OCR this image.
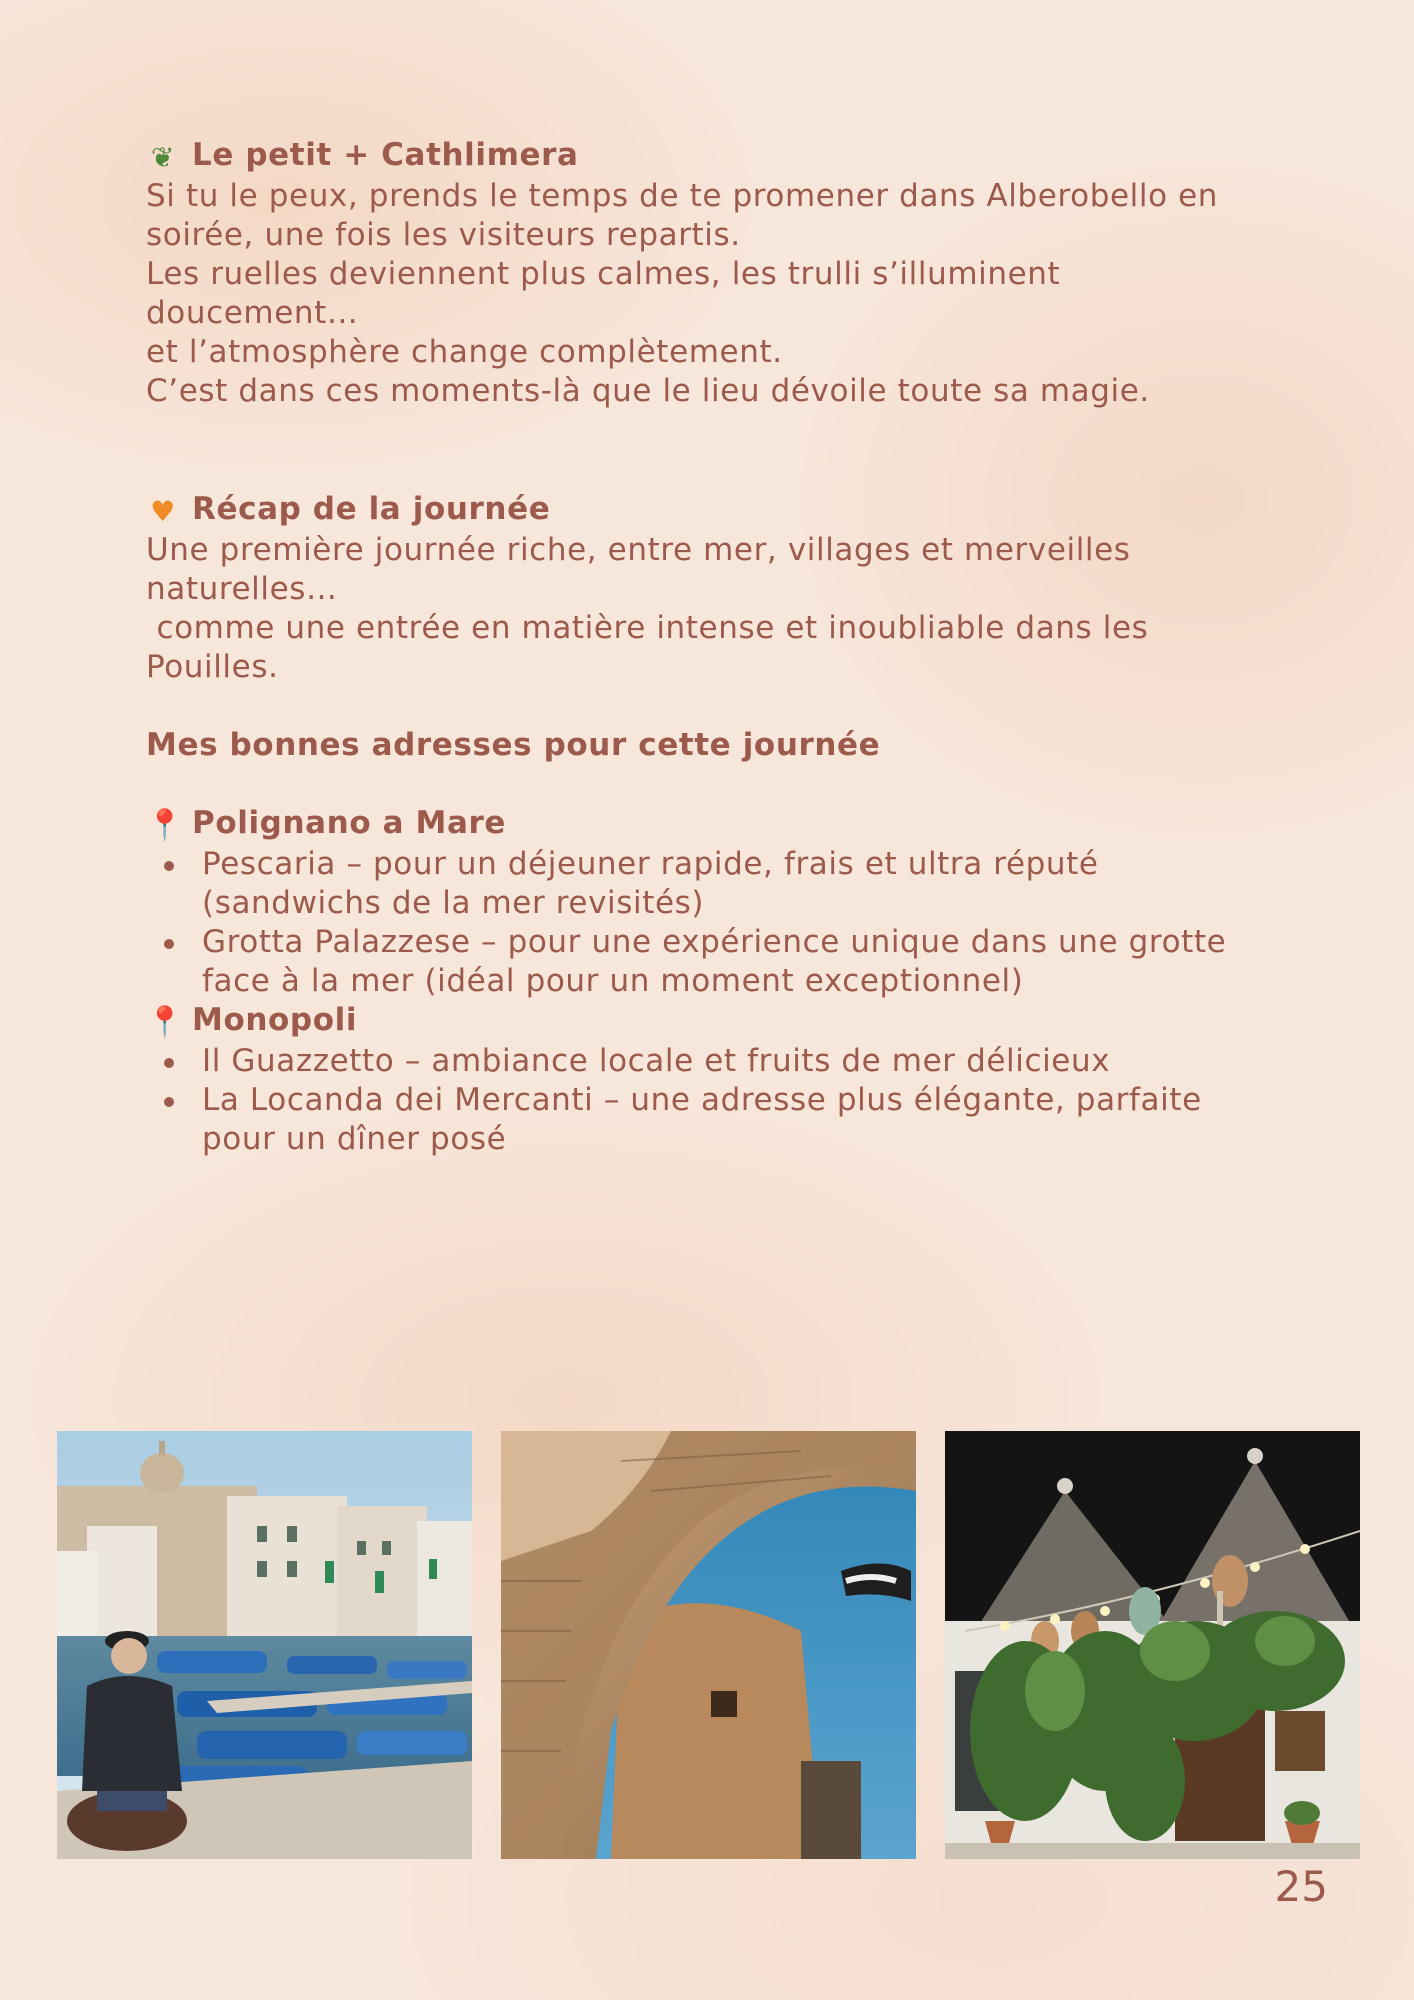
❦ Le petit + Cathlimera
Si tu le peux, prends le temps de te promener dans Alberobello en
soirée, une fois les visiteurs repartis.
Les ruelles deviennent plus calmes, les trulli s’illuminent
doucement…
et l’atmosphère change complètement.
C’est dans ces moments-là que le lieu dévoile toute sa magie.
♥ Récap de la journée
Une première journée riche, entre mer, villages et merveilles
naturelles…
comme une entrée en matière intense et inoubliable dans les
Pouilles.
Mes bonnes adresses pour cette journée
📍 Polignano a Mare
Pescaria – pour un déjeuner rapide, frais et ultra réputé
(sandwichs de la mer revisités)
Grotta Palazzese – pour une expérience unique dans une grotte
face à la mer (idéal pour un moment exceptionnel)
📍 Monopoli
Il Guazzetto – ambiance locale et fruits de mer délicieux
La Locanda dei Mercanti – une adresse plus élégante, parfaite
pour un dîner posé
25
